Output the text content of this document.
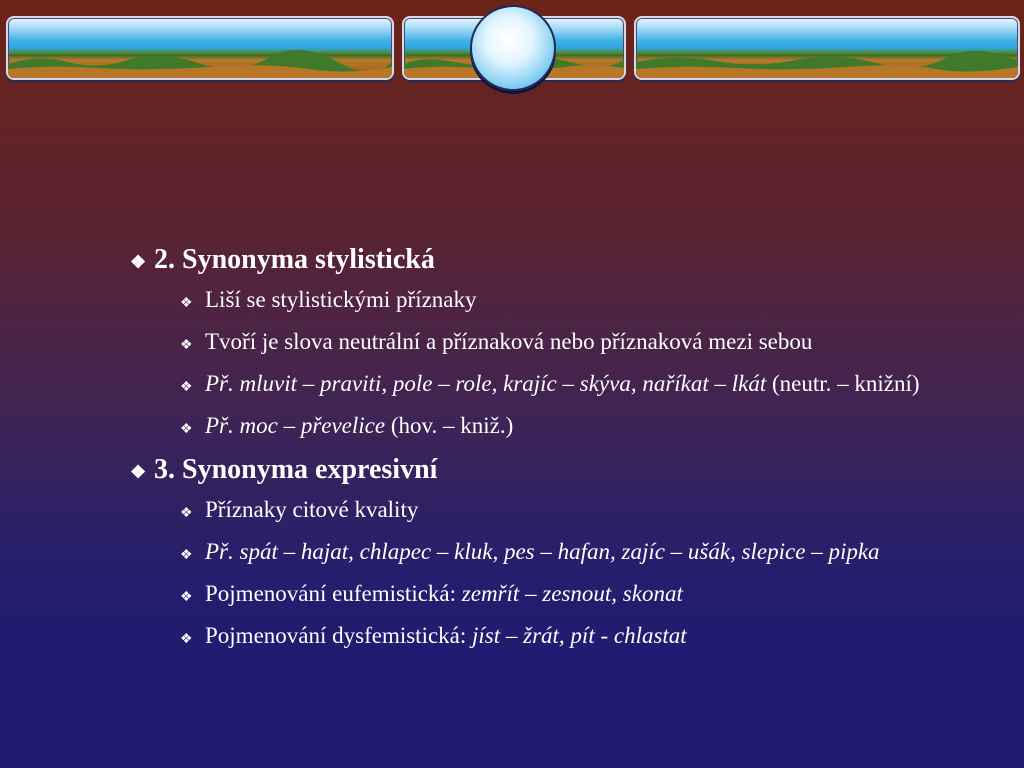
❖ 2. Synonyma stylistická
❖ Liší se stylistickými příznaky
❖ Tvoří je slova neutrální a příznaková nebo příznaková mezi sebou
❖ Př. mluvit – praviti, pole – role, krajíc – skýva, naříkat – lkát (neutr. – knižní)
❖ Př. moc – převelice (hov. – kniž.)
❖ 3. Synonyma expresivní
❖ Příznaky citové kvality
❖ Př. spát – hajat, chlapec – kluk, pes – hafan, zajíc – ušák, slepice – pipka
❖ Pojmenování eufemistická: zemřít – zesnout, skonat
❖ Pojmenování dysfemistická: jíst – žrát, pít - chlastat
